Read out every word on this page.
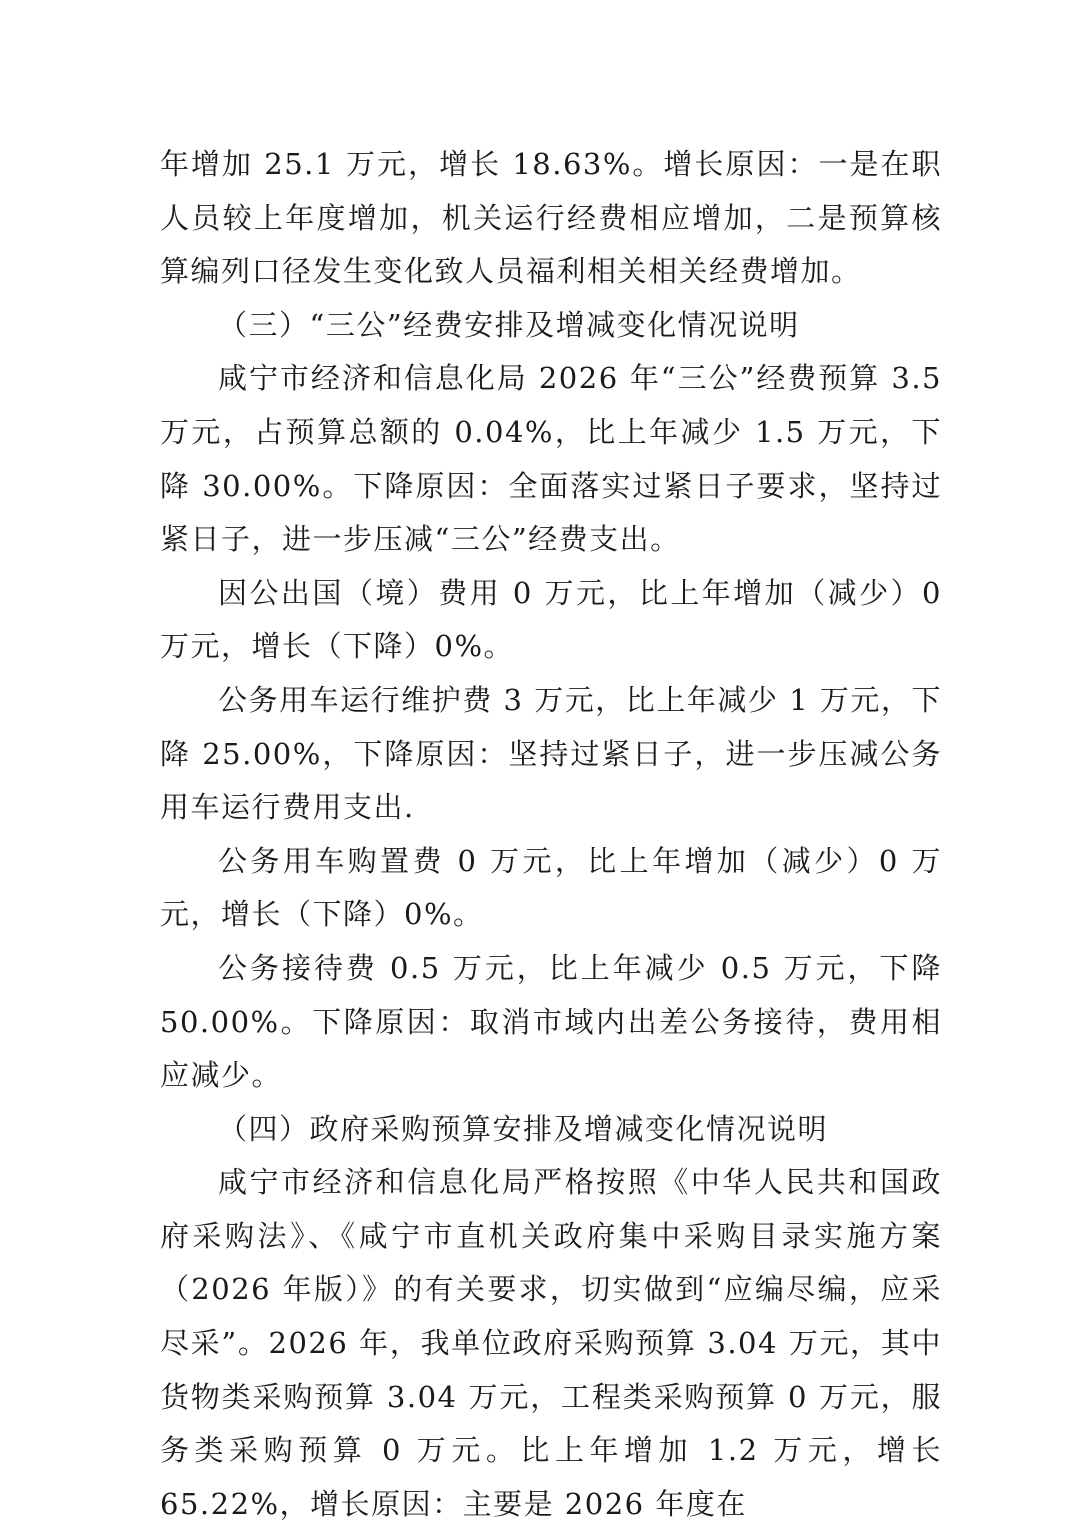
年增加 25.1 万元，增长 18.63%。增长原因：一是在职人员较上年度增加，机关运行经费相应增加，二是预算核算编列口径发生变化致人员福利相关相关经费增加。

（三）“三公”经费安排及增减变化情况说明

咸宁市经济和信息化局 2026 年“三公”经费预算 3.5 万元，占预算总额的 0.04%，比上年减少 1.5 万元，下降 30.00%。下降原因：全面落实过紧日子要求，坚持过紧日子，进一步压减“三公”经费支出。

因公出国（境）费用 0 万元，比上年增加（减少）0 万元，增长（下降）0%。

公务用车运行维护费 3 万元，比上年减少 1 万元，下降 25.00%，下降原因：坚持过紧日子，进一步压减公务用车运行费用支出.

公务用车购置费 0 万元，比上年增加（减少）0 万元，增长（下降）0%。

公务接待费 0.5 万元，比上年减少 0.5 万元，下降 50.00%。下降原因：取消市域内出差公务接待，费用相应减少。

（四）政府采购预算安排及增减变化情况说明

咸宁市经济和信息化局严格按照《中华人民共和国政府采购法》、《咸宁市直机关政府集中采购目录实施方案（2026 年版）》的有关要求，切实做到“应编尽编，应采尽采”。2026 年，我单位政府采购预算 3.04 万元，其中货物类采购预算 3.04 万元，工程类采购预算 0 万元，服务类采购预算 0 万元。比上年增加 1.2 万元，增长 65.22%，增长原因：主要是 2026 年度在
